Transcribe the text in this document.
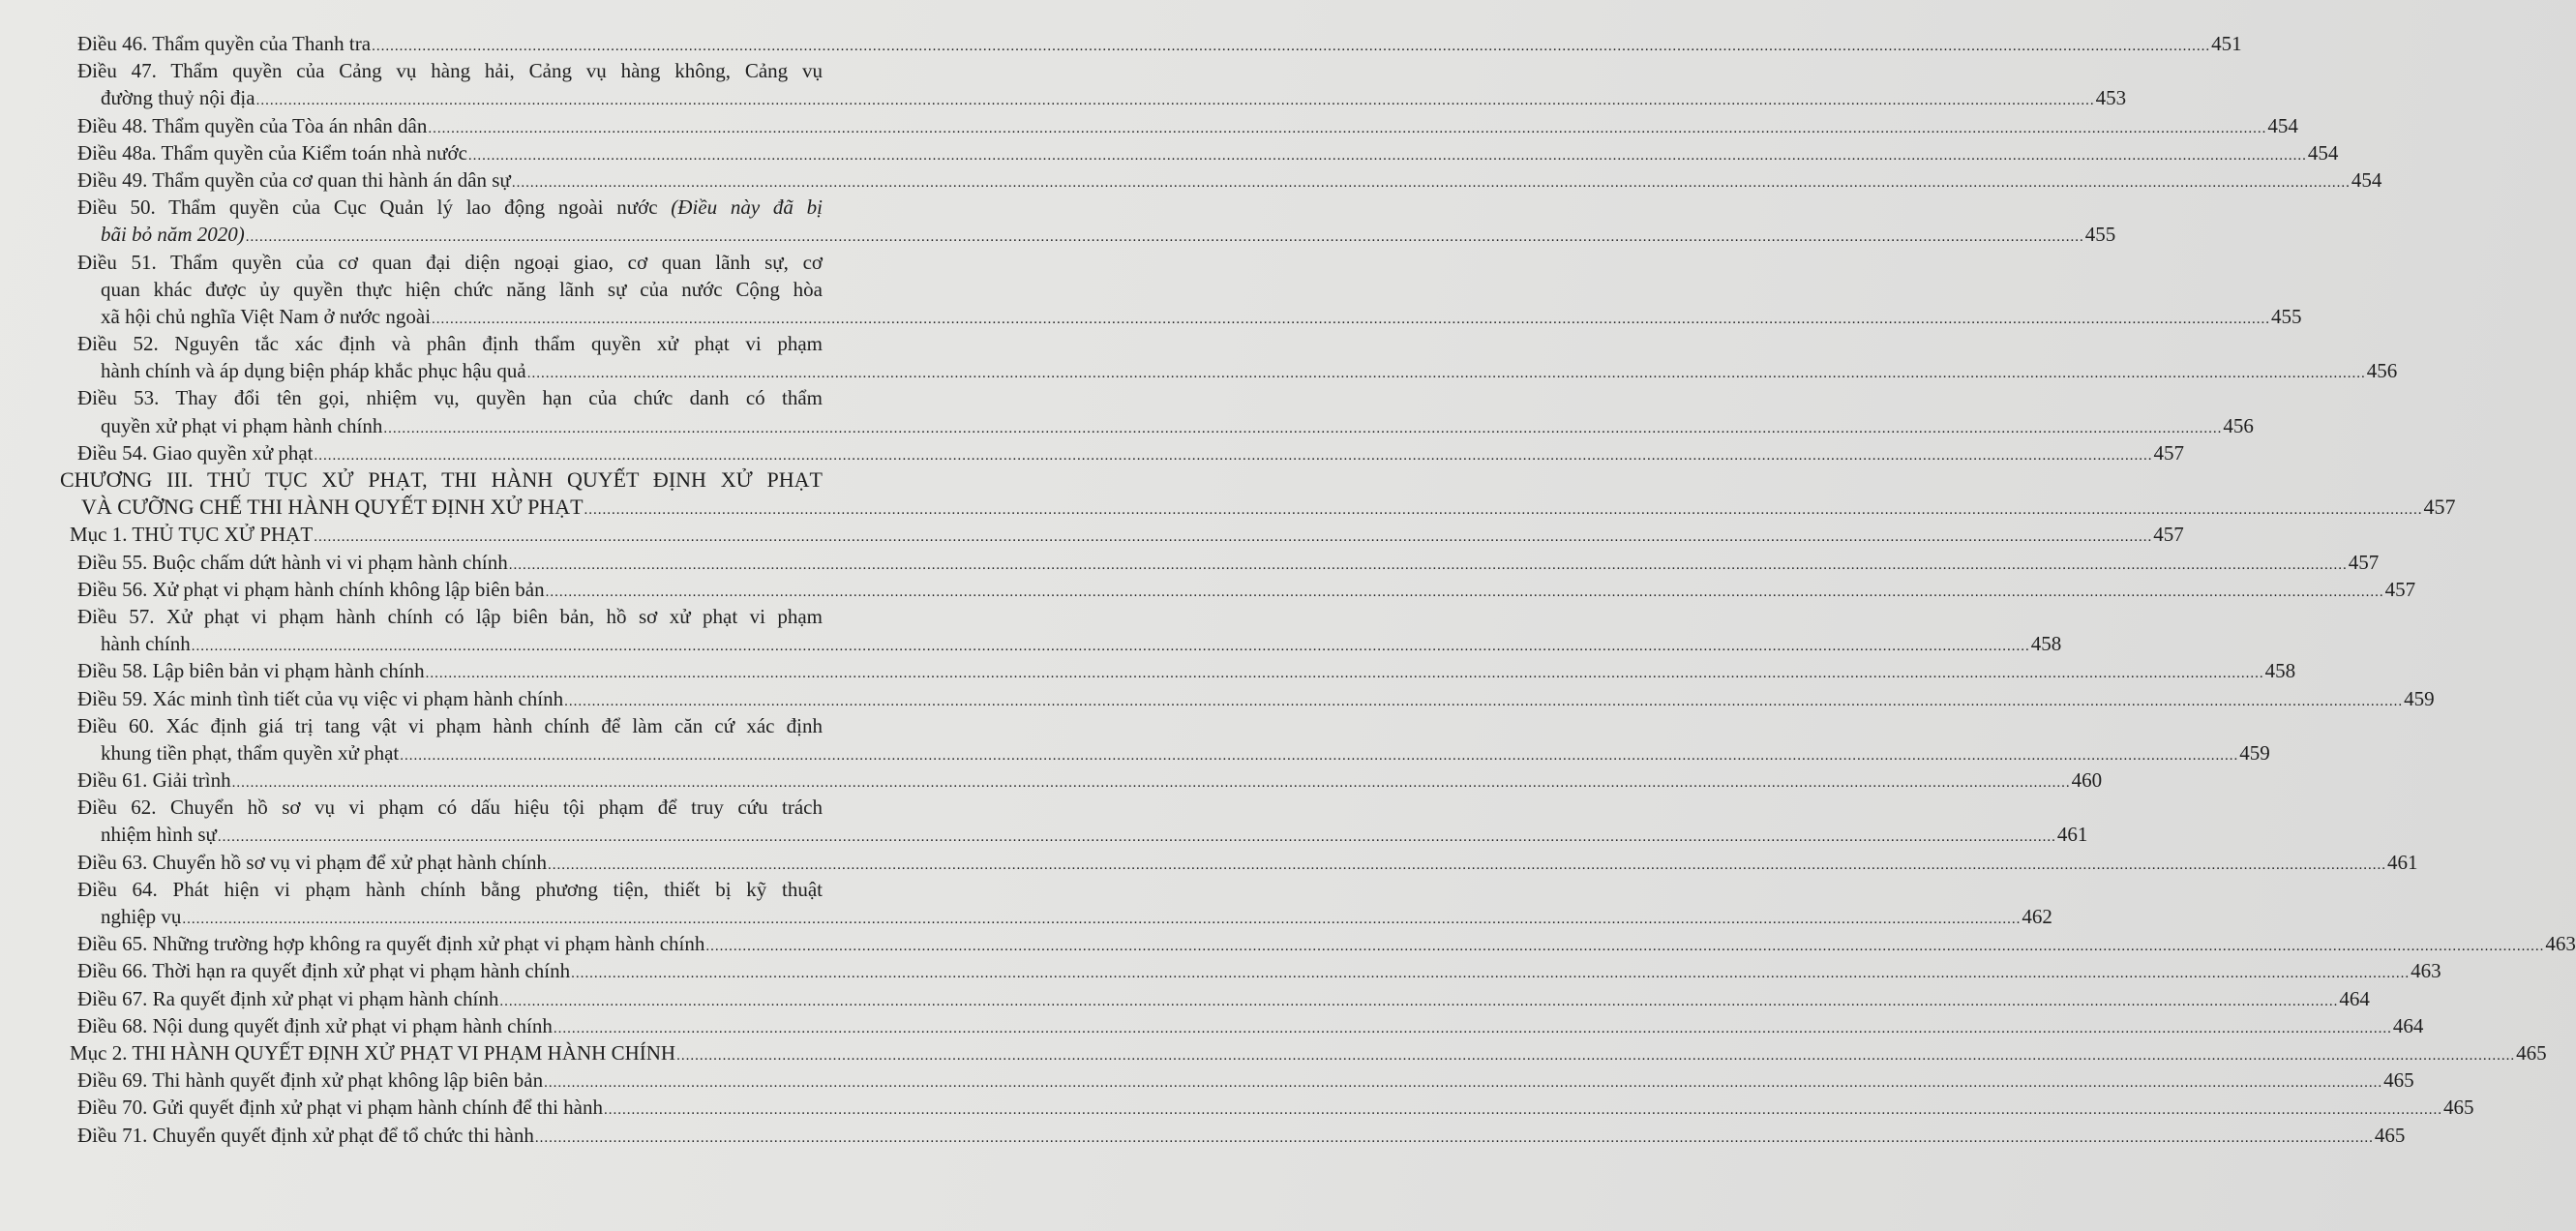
Điều 46. Thẩm quyền của Thanh tra ................................................................................................................................................................................................................................................................................................................................................................................................................ 451
Điều 47. Thẩm quyền của Cảng vụ hàng hải, Cảng vụ hàng không, Cảng vụ
đường thuỷ nội địa ................................................................................................................................................................................................................................................................................................................................................................................................................ 453
Điều 48. Thẩm quyền của Tòa án nhân dân ................................................................................................................................................................................................................................................................................................................................................................................................................ 454
Điều 48a. Thẩm quyền của Kiểm toán nhà nước ................................................................................................................................................................................................................................................................................................................................................................................................................ 454
Điều 49. Thẩm quyền của cơ quan thi hành án dân sự ................................................................................................................................................................................................................................................................................................................................................................................................................ 454
Điều 50. Thẩm quyền của Cục Quản lý lao động ngoài nước (Điều này đã bị
bãi bỏ năm 2020) ................................................................................................................................................................................................................................................................................................................................................................................................................ 455
Điều 51. Thẩm quyền của cơ quan đại diện ngoại giao, cơ quan lãnh sự, cơ
quan khác được ủy quyền thực hiện chức năng lãnh sự của nước Cộng hòa
xã hội chủ nghĩa Việt Nam ở nước ngoài ................................................................................................................................................................................................................................................................................................................................................................................................................ 455
Điều 52. Nguyên tắc xác định và phân định thẩm quyền xử phạt vi phạm
hành chính và áp dụng biện pháp khắc phục hậu quả ................................................................................................................................................................................................................................................................................................................................................................................................................ 456
Điều 53. Thay đổi tên gọi, nhiệm vụ, quyền hạn của chức danh có thẩm
quyền xử phạt vi phạm hành chính ................................................................................................................................................................................................................................................................................................................................................................................................................ 456
Điều 54. Giao quyền xử phạt ................................................................................................................................................................................................................................................................................................................................................................................................................ 457
CHƯƠNG III. THỦ TỤC XỬ PHẠT, THI HÀNH QUYẾT ĐỊNH XỬ PHẠT
VÀ CƯỠNG CHẾ THI HÀNH QUYẾT ĐỊNH XỬ PHẠT ................................................................................................................................................................................................................................................................................................................................................................................................................ 457
Mục 1. THỦ TỤC XỬ PHẠT ................................................................................................................................................................................................................................................................................................................................................................................................................ 457
Điều 55. Buộc chấm dứt hành vi vi phạm hành chính ................................................................................................................................................................................................................................................................................................................................................................................................................ 457
Điều 56. Xử phạt vi phạm hành chính không lập biên bản ................................................................................................................................................................................................................................................................................................................................................................................................................ 457
Điều 57. Xử phạt vi phạm hành chính có lập biên bản, hồ sơ xử phạt vi phạm
hành chính ................................................................................................................................................................................................................................................................................................................................................................................................................ 458
Điều 58. Lập biên bản vi phạm hành chính ................................................................................................................................................................................................................................................................................................................................................................................................................ 458
Điều 59. Xác minh tình tiết của vụ việc vi phạm hành chính ................................................................................................................................................................................................................................................................................................................................................................................................................ 459
Điều 60. Xác định giá trị tang vật vi phạm hành chính để làm căn cứ xác định
khung tiền phạt, thẩm quyền xử phạt ................................................................................................................................................................................................................................................................................................................................................................................................................ 459
Điều 61. Giải trình ................................................................................................................................................................................................................................................................................................................................................................................................................ 460
Điều 62. Chuyển hồ sơ vụ vi phạm có dấu hiệu tội phạm để truy cứu trách
nhiệm hình sự ................................................................................................................................................................................................................................................................................................................................................................................................................ 461
Điều 63. Chuyển hồ sơ vụ vi phạm để xử phạt hành chính ................................................................................................................................................................................................................................................................................................................................................................................................................ 461
Điều 64. Phát hiện vi phạm hành chính bằng phương tiện, thiết bị kỹ thuật
nghiệp vụ ................................................................................................................................................................................................................................................................................................................................................................................................................ 462
Điều 65. Những trường hợp không ra quyết định xử phạt vi phạm hành chính ................................................................................................................................................................................................................................................................................................................................................................................................................ 463
Điều 66. Thời hạn ra quyết định xử phạt vi phạm hành chính ................................................................................................................................................................................................................................................................................................................................................................................................................ 463
Điều 67. Ra quyết định xử phạt vi phạm hành chính ................................................................................................................................................................................................................................................................................................................................................................................................................ 464
Điều 68. Nội dung quyết định xử phạt vi phạm hành chính ................................................................................................................................................................................................................................................................................................................................................................................................................ 464
Mục 2. THI HÀNH QUYẾT ĐỊNH XỬ PHẠT VI PHẠM HÀNH CHÍNH ................................................................................................................................................................................................................................................................................................................................................................................................................ 465
Điều 69. Thi hành quyết định xử phạt không lập biên bản ................................................................................................................................................................................................................................................................................................................................................................................................................ 465
Điều 70. Gửi quyết định xử phạt vi phạm hành chính để thi hành ................................................................................................................................................................................................................................................................................................................................................................................................................ 465
Điều 71. Chuyển quyết định xử phạt để tổ chức thi hành ................................................................................................................................................................................................................................................................................................................................................................................................................ 465
